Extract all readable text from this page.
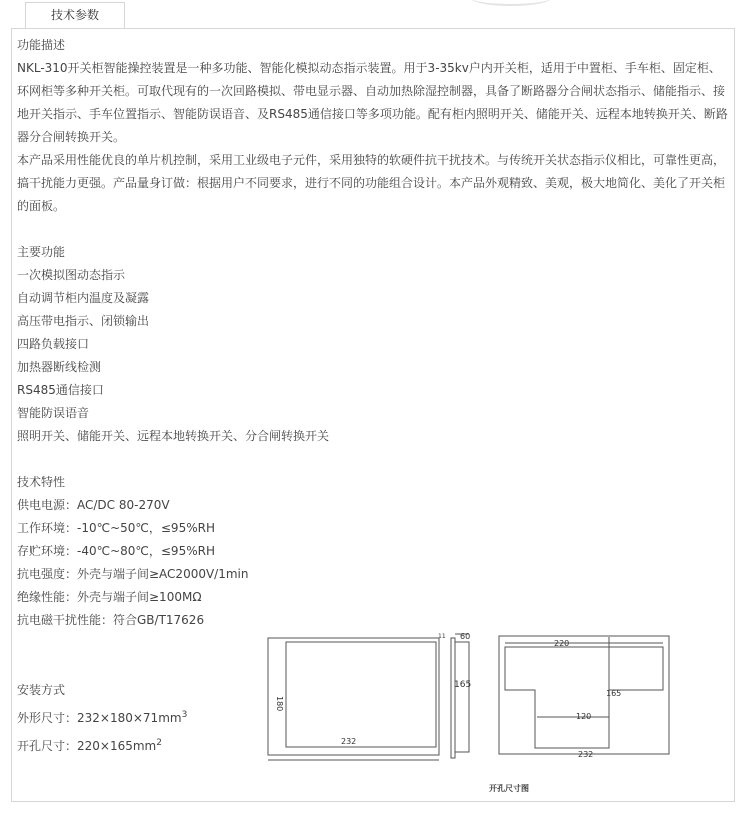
技术参数

功能描述

NKL-310开关柜智能操控装置是一种多功能、智能化模拟动态指示装置。用于3-35kv户内开关柜，适用于中置柜、手车柜、固定柜、环网柜等多种开关柜。可取代现有的一次回路模拟、带电显示器、自动加热除湿控制器，具备了断路器分合闸状态指示、储能指示、接地开关指示、手车位置指示、智能防误语音、及RS485通信接口等多项功能。配有柜内照明开关、储能开关、远程本地转换开关、断路器分合闸转换开关。

本产品采用性能优良的单片机控制，采用工业级电子元件，采用独特的软硬件抗干扰技术。与传统开关状态指示仪相比，可靠性更高，搞干扰能力更强。产品量身订做：根据用户不同要求，进行不同的功能组合设计。本产品外观精致、美观，极大地简化、美化了开关柜的面板。

主要功能

一次模拟图动态指示

自动调节柜内温度及凝露

高压带电指示、闭锁输出

四路负载接口

加热器断线检测

RS485通信接口

智能防误语音

照明开关、储能开关、远程本地转换开关、分合闸转换开关

技术特性

供电电源：AC/DC 80-270V

工作环境：-10℃~50℃，≤95%RH

存贮环境：-40℃~80℃，≤95%RH

抗电强度：外壳与端子间≥AC2000V/1min

绝缘性能：外壳与端子间≥100MΩ

抗电磁干扰性能：符合GB/T17626

安装方式
外形尺寸：$232\times 180\times 71mm^3$
开孔尺寸：$220\times 165mm^2$	232
180
60
11
165
220
165
120
232
开孔尺寸图
